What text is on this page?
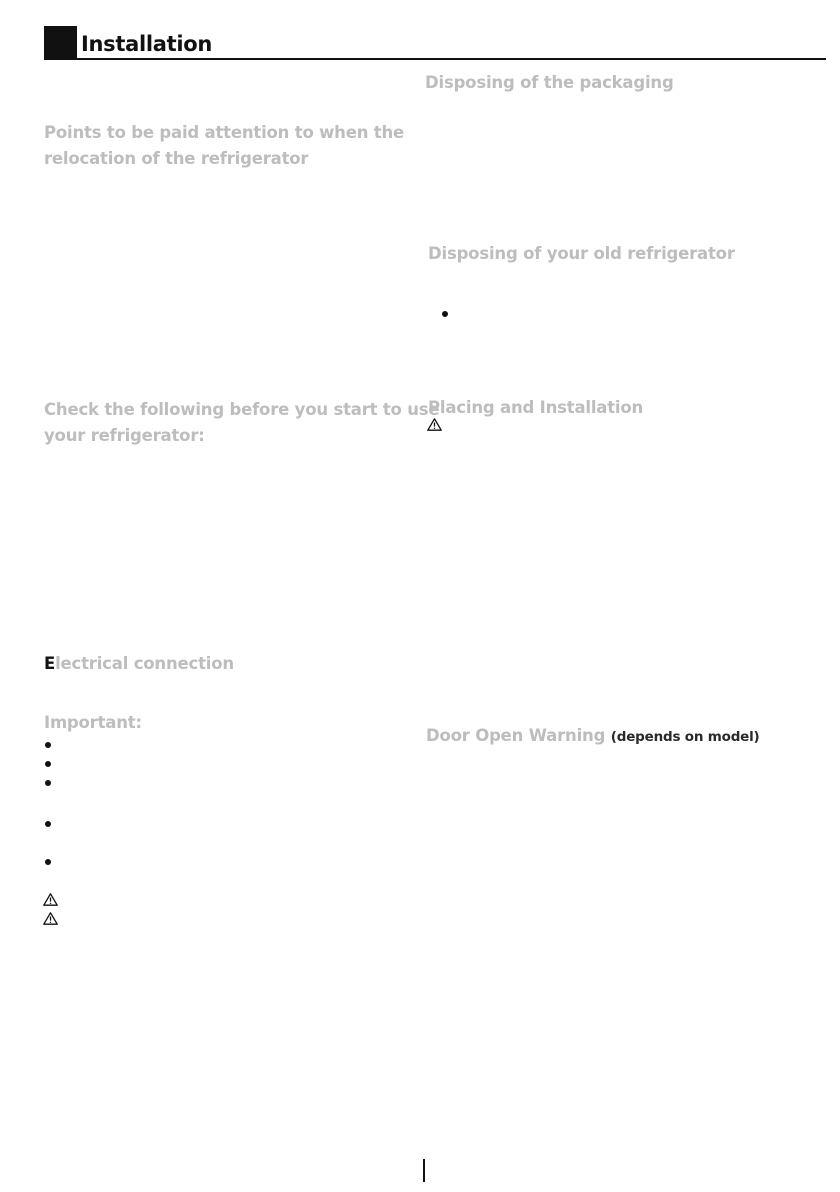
Installation
Points to be paid attention to when the
relocation of the refrigerator
Check the following before you start to use
your refrigerator:
Electrical connection
Important:
Disposing of the packaging
Disposing of your old refrigerator
Placing and Installation
Door Open Warning (depends on model)
